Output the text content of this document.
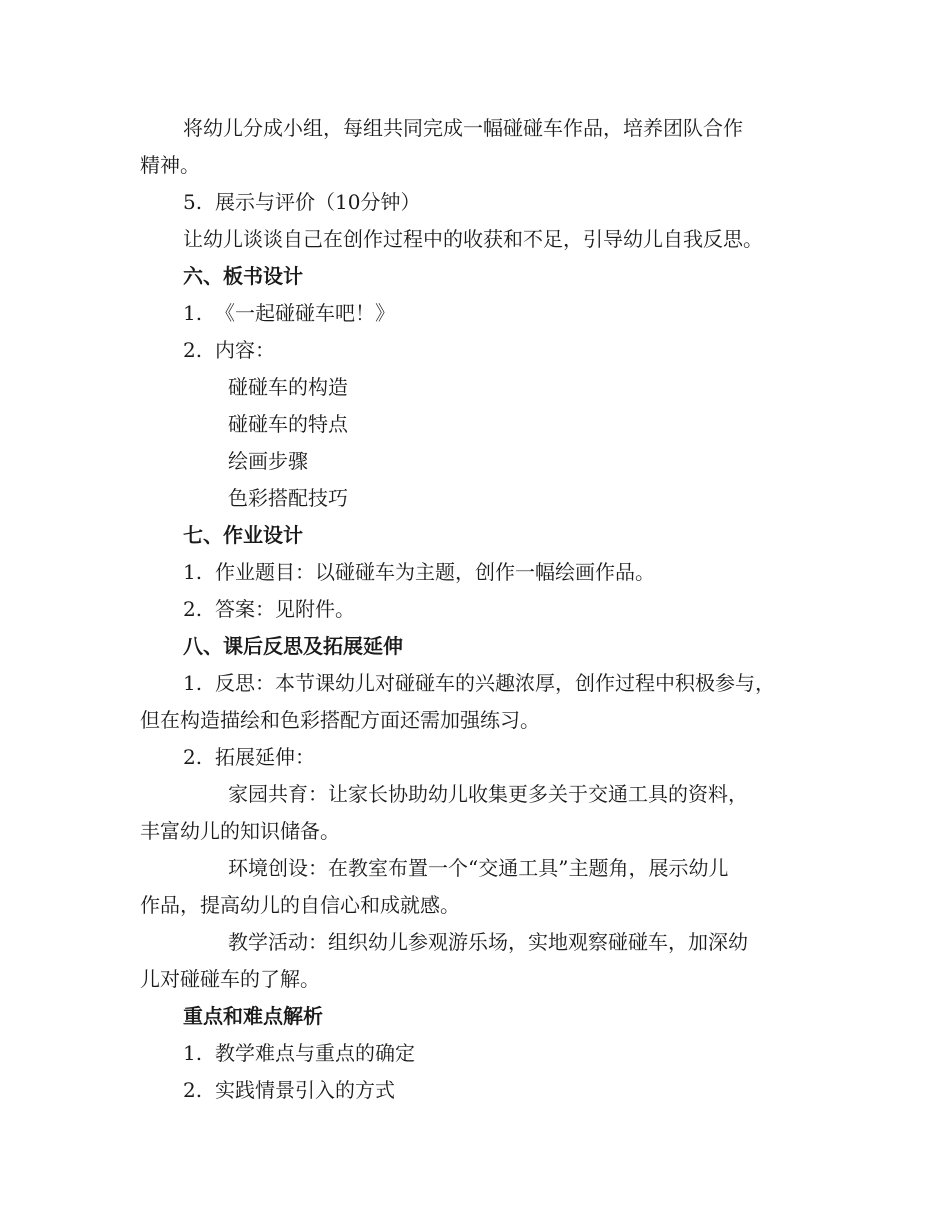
将幼儿分成小组，每组共同完成一幅碰碰车作品，培养团队合作
精神。
5. 展示与评价（10分钟）
让幼儿谈谈自己在创作过程中的收获和不足，引导幼儿自我反思。
六、板书设计
1. 《一起碰碰车吧！》
2. 内容：
碰碰车的构造
碰碰车的特点
绘画步骤
色彩搭配技巧
七、作业设计
1. 作业题目：以碰碰车为主题，创作一幅绘画作品。
2. 答案：见附件。
八、课后反思及拓展延伸
1. 反思：本节课幼儿对碰碰车的兴趣浓厚，创作过程中积极参与，
但在构造描绘和色彩搭配方面还需加强练习。
2. 拓展延伸：
家园共育：让家长协助幼儿收集更多关于交通工具的资料，
丰富幼儿的知识储备。
环境创设：在教室布置一个“交通工具”主题角，展示幼儿
作品，提高幼儿的自信心和成就感。
教学活动：组织幼儿参观游乐场，实地观察碰碰车，加深幼
儿对碰碰车的了解。
重点和难点解析
1. 教学难点与重点的确定
2. 实践情景引入的方式
